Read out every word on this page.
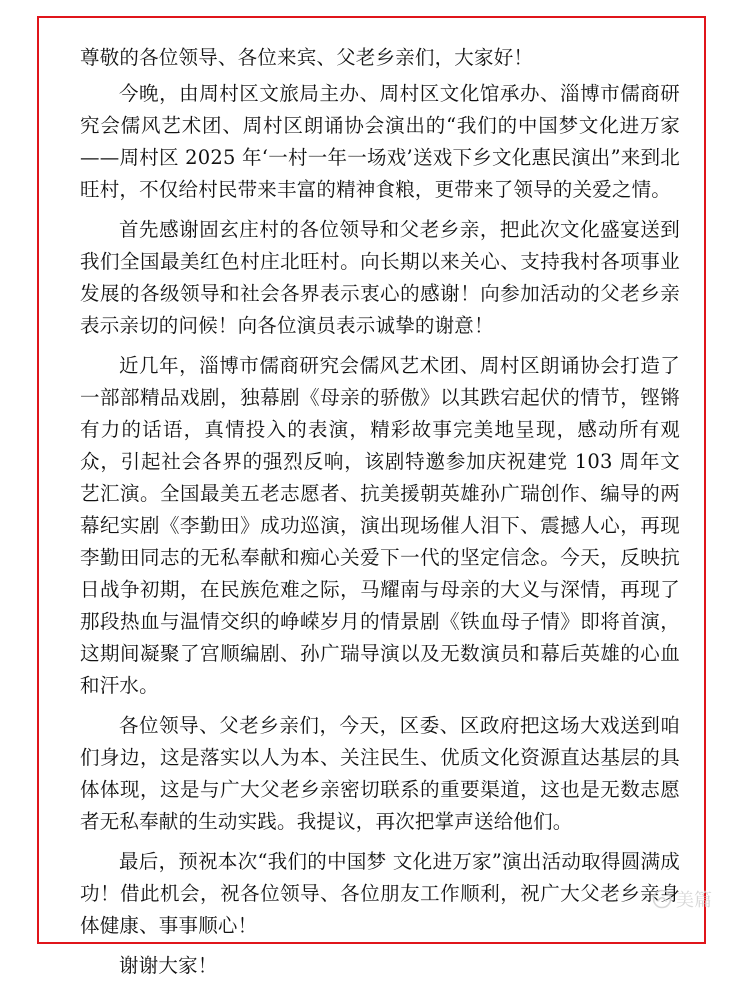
尊敬的各位领导、各位来宾、父老乡亲们，大家好！

今晚，由周村区文旅局主办、周村区文化馆承办、淄博市儒商研究会儒风艺术团、周村区朗诵协会演出的“我们的中国梦文化进万家——周村区 2025 年‘一村一年一场戏’送戏下乡文化惠民演出”来到北旺村，不仅给村民带来丰富的精神食粮，更带来了领导的关爱之情。

首先感谢固玄庄村的各位领导和父老乡亲，把此次文化盛宴送到我们全国最美红色村庄北旺村。向长期以来关心、支持我村各项事业发展的各级领导和社会各界表示衷心的感谢！向参加活动的父老乡亲表示亲切的问候！向各位演员表示诚挚的谢意！

近几年，淄博市儒商研究会儒风艺术团、周村区朗诵协会打造了一部部精品戏剧，独幕剧《母亲的骄傲》以其跌宕起伏的情节，铿锵有力的话语，真情投入的表演，精彩故事完美地呈现，感动所有观众，引起社会各界的强烈反响，该剧特邀参加庆祝建党 103 周年文艺汇演。全国最美五老志愿者、抗美援朝英雄孙广瑞创作、编导的两幕纪实剧《李勤田》成功巡演，演出现场催人泪下、震撼人心，再现李勤田同志的无私奉献和痴心关爱下一代的坚定信念。今天，反映抗日战争初期，在民族危难之际，马耀南与母亲的大义与深情，再现了那段热血与温情交织的峥嵘岁月的情景剧《铁血母子情》即将首演，这期间凝聚了宫顺编剧、孙广瑞导演以及无数演员和幕后英雄的心血和汗水。

各位领导、父老乡亲们，今天，区委、区政府把这场大戏送到咱们身边，这是落实以人为本、关注民生、优质文化资源直达基层的具体体现，这是与广大父老乡亲密切联系的重要渠道，这也是无数志愿者无私奉献的生动实践。我提议，再次把掌声送给他们。

最后，预祝本次“我们的中国梦 文化进万家”演出活动取得圆满成功！借此机会，祝各位领导、各位朋友工作顺利，祝广大父老乡亲身体健康、事事顺心！

谢谢大家！

美篇
